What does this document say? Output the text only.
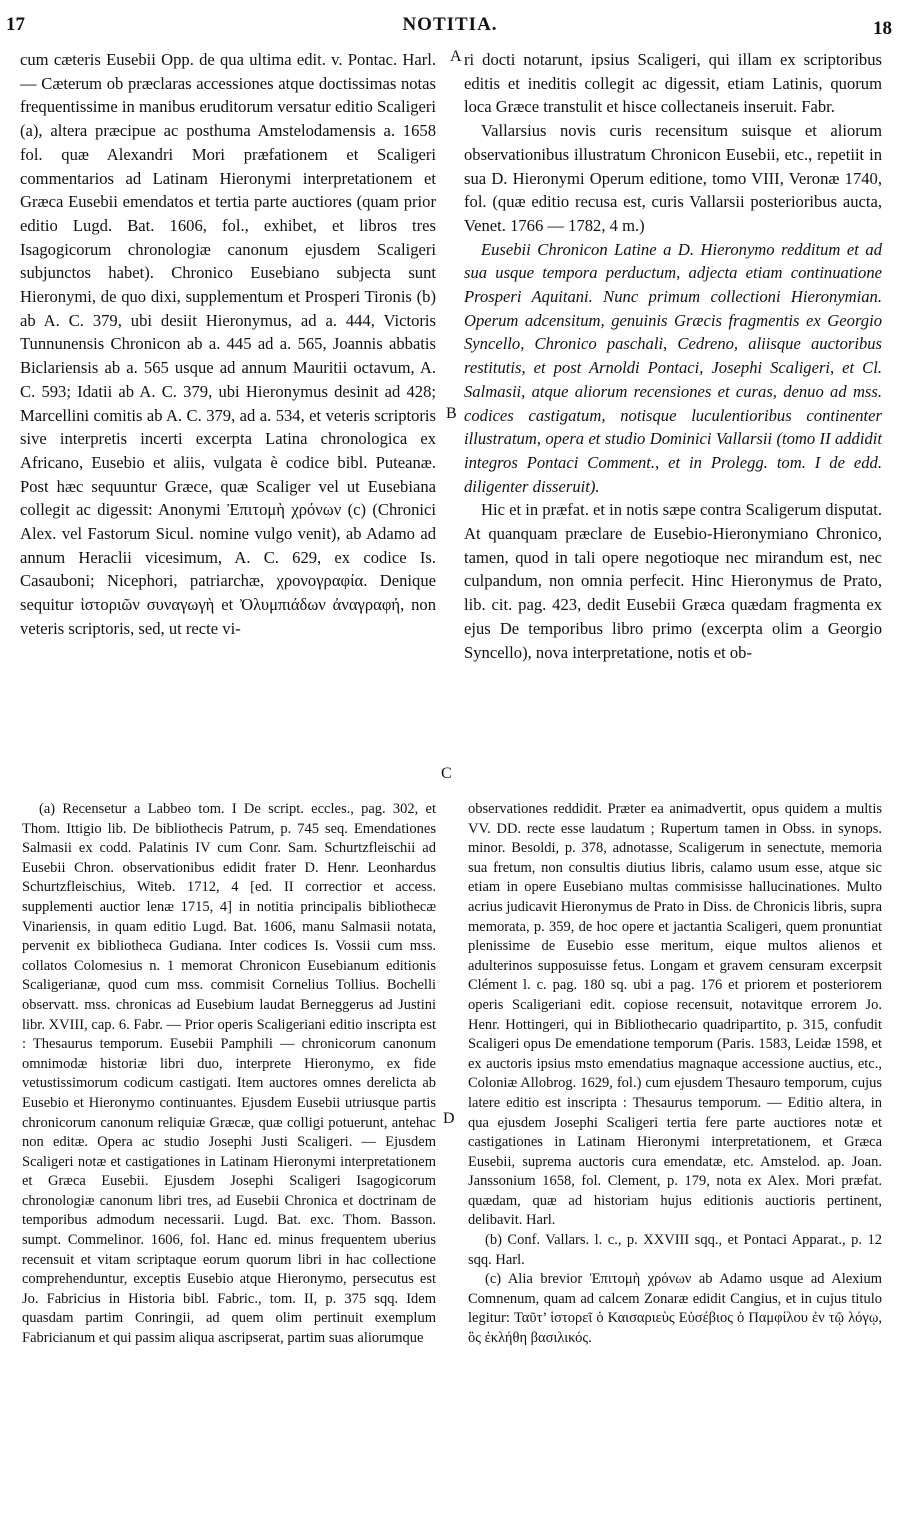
17	NOTITIA.	18
A
B
C
D

cum cæteris Eusebii Opp. de qua ultima edit. v. Pontac. Harl. — Cæterum ob præclaras accessiones atque doctissimas notas frequentissime in manibus eruditorum versatur editio Scaligeri (a), altera præcipue ac posthuma Amstelodamensis a. 1658 fol. quæ Alexandri Mori præfationem et Scaligeri commentarios ad Latinam Hieronymi interpretationem et Græca Eusebii emendatos et tertia parte auctiores (quam prior editio Lugd. Bat. 1606, fol., exhibet, et libros tres Isagogicorum chronologiæ canonum ejusdem Scaligeri subjunctos habet). Chronico Eusebiano subjecta sunt Hieronymi, de quo dixi, supplementum et Prosperi Tironis (b) ab A. C. 379, ubi desiit Hieronymus, ad a. 444, Victoris Tunnunensis Chronicon ab a. 445 ad a. 565, Joannis abbatis Biclariensis ab a. 565 usque ad annum Mauritii octavum, A. C. 593; Idatii ab A. C. 379, ubi Hieronymus desinit ad 428; Marcellini comitis ab A. C. 379, ad a. 534, et veteris scriptoris sive interpretis incerti excerpta Latina chronologica ex Africano, Eusebio et aliis, vulgata è codice bibl. Puteanæ. Post hæc sequuntur Græce, quæ Scaliger vel ut Eusebiana collegit ac digessit: Anonymi Ἐπιτομὴ χρόνων (c) (Chronici Alex. vel Fastorum Sicul. nomine vulgo venit), ab Adamo ad annum Heraclii vicesimum, A. C. 629, ex codice Is. Casauboni; Nicephori, patriarchæ, χρονογραφία. Denique sequitur ἱστοριῶν συναγωγὴ et Ὀλυμπιάδων ἀναγραφή, non veteris scriptoris, sed, ut recte vi-

ri docti notarunt, ipsius Scaligeri, qui illam ex scriptoribus editis et ineditis collegit ac digessit, etiam Latinis, quorum loca Græce transtulit et hisce collectaneis inseruit. Fabr.

Vallarsius novis curis recensitum suisque et aliorum observationibus illustratum Chronicon Eusebii, etc., repetiit in sua D. Hieronymi Operum editione, tomo VIII, Veronæ 1740, fol. (quæ editio recusa est, curis Vallarsii posterioribus aucta, Venet. 1766 — 1782, 4 m.)

Eusebii Chronicon Latine a D. Hieronymo redditum et ad sua usque tempora perductum, adjecta etiam continuatione Prosperi Aquitani. Nunc primum collectioni Hieronymian. Operum adcensitum, genuinis Græcis fragmentis ex Georgio Syncello, Chronico paschali, Cedreno, aliisque auctoribus restitutis, et post Arnoldi Pontaci, Josephi Scaligeri, et Cl. Salmasii, atque aliorum recensiones et curas, denuo ad mss. codices castigatum, notisque luculentioribus continenter illustratum, opera et studio Dominici Vallarsii (tomo II addidit integros Pontaci Comment., et in Prolegg. tom. I de edd. diligenter disseruit).

Hic et in præfat. et in notis sæpe contra Scaligerum disputat. At quanquam præclare de Eusebio-Hieronymiano Chronico, tamen, quod in tali opere negotioque nec mirandum est, nec culpandum, non omnia perfecit. Hinc Hieronymus de Prato, lib. cit. pag. 423, dedit Eusebii Græca quædam fragmenta ex ejus De temporibus libro primo (excerpta olim a Georgio Syncello), nova interpretatione, notis et ob-

(a) Recensetur a Labbeo tom. I De script. eccles., pag. 302, et Thom. Ittigio lib. De bibliothecis Patrum, p. 745 seq. Emendationes Salmasii ex codd. Palatinis IV cum Conr. Sam. Schurtzfleischii ad Eusebii Chron. observationibus edidit frater D. Henr. Leonhardus Schurtzfleischius, Witeb. 1712, 4 [ed. II correctior et access. supplementi auctior lenæ 1715, 4] in notitia principalis bibliothecæ Vinariensis, in quam editio Lugd. Bat. 1606, manu Salmasii notata, pervenit ex bibliotheca Gudiana. Inter codices Is. Vossii cum mss. collatos Colomesius n. 1 memorat Chronicon Eusebianum editionis Scaligerianæ, quod cum mss. commisit Cornelius Tollius. Bochelli observatt. mss. chronicas ad Eusebium laudat Berneggerus ad Justini libr. XVIII, cap. 6. Fabr. — Prior operis Scaligeriani editio inscripta est : Thesaurus temporum. Eusebii Pamphili — chronicorum canonum omnimodæ historiæ libri duo, interprete Hieronymo, ex fide vetustissimorum codicum castigati. Item auctores omnes derelicta ab Eusebio et Hieronymo continuantes. Ejusdem Eusebii utriusque partis chronicorum canonum reliquiæ Græcæ, quæ colligi potuerunt, antehac non editæ. Opera ac studio Josephi Justi Scaligeri. — Ejusdem Scaligeri notæ et castigationes in Latinam Hieronymi interpretationem et Græca Eusebii. Ejusdem Josephi Scaligeri Isagogicorum chronologiæ canonum libri tres, ad Eusebii Chronica et doctrinam de temporibus admodum necessarii. Lugd. Bat. exc. Thom. Basson. sumpt. Commelinor. 1606, fol. Hanc ed. minus frequentem uberius recensuit et vitam scriptaque eorum quorum libri in hac collectione comprehenduntur, exceptis Eusebio atque Hieronymo, persecutus est Jo. Fabricius in Historia bibl. Fabric., tom. II, p. 375 sqq. Idem quasdam partim Conringii, ad quem olim pertinuit exemplum Fabricianum et qui passim aliqua ascripserat, partim suas aliorumque

observationes reddidit. Præter ea animadvertit, opus quidem a multis VV. DD. recte esse laudatum ; Rupertum tamen in Obss. in synops. minor. Besoldi, p. 378, adnotasse, Scaligerum in senectute, memoria sua fretum, non consultis diutius libris, calamo usum esse, atque sic etiam in opere Eusebiano multas commisisse hallucinationes. Multo acrius judicavit Hieronymus de Prato in Diss. de Chronicis libris, supra memorata, p. 359, de hoc opere et jactantia Scaligeri, quem pronuntiat plenissime de Eusebio esse meritum, eique multos alienos et adulterinos supposuisse fetus. Longam et gravem censuram excerpsit Clément l. c. pag. 180 sq. ubi a pag. 176 et priorem et posteriorem operis Scaligeriani edit. copiose recensuit, notavitque errorem Jo. Henr. Hottingeri, qui in Bibliothecario quadripartito, p. 315, confudit Scaligeri opus De emendatione temporum (Paris. 1583, Leidæ 1598, et ex auctoris ipsius msto emendatius magnaque accessione auctius, etc., Coloniæ Allobrog. 1629, fol.) cum ejusdem Thesauro temporum, cujus latere editio est inscripta : Thesaurus temporum. — Editio altera, in qua ejusdem Josephi Scaligeri tertia fere parte auctiores notæ et castigationes in Latinam Hieronymi interpretationem, et Græca Eusebii, suprema auctoris cura emendatæ, etc. Amstelod. ap. Joan. Janssonium 1658, fol. Clement, p. 179, nota ex Alex. Mori præfat. quædam, quæ ad historiam hujus editionis auctioris pertinent, delibavit. Harl.

(b) Conf. Vallars. l. c., p. XXVIII sqq., et Pontaci Apparat., p. 12 sqq. Harl.

(c) Alia brevior Ἐπιτομὴ χρόνων ab Adamo usque ad Alexium Comnenum, quam ad calcem Zonaræ edidit Cangius, et in cujus titulo legitur: Ταῦτ’ ἱστορεῖ ὁ Καισαριεὺς Εὐσέβιος ὁ Παμφίλου ἐν τῷ λόγῳ, ὃς ἐκλήθη βασιλικός.
